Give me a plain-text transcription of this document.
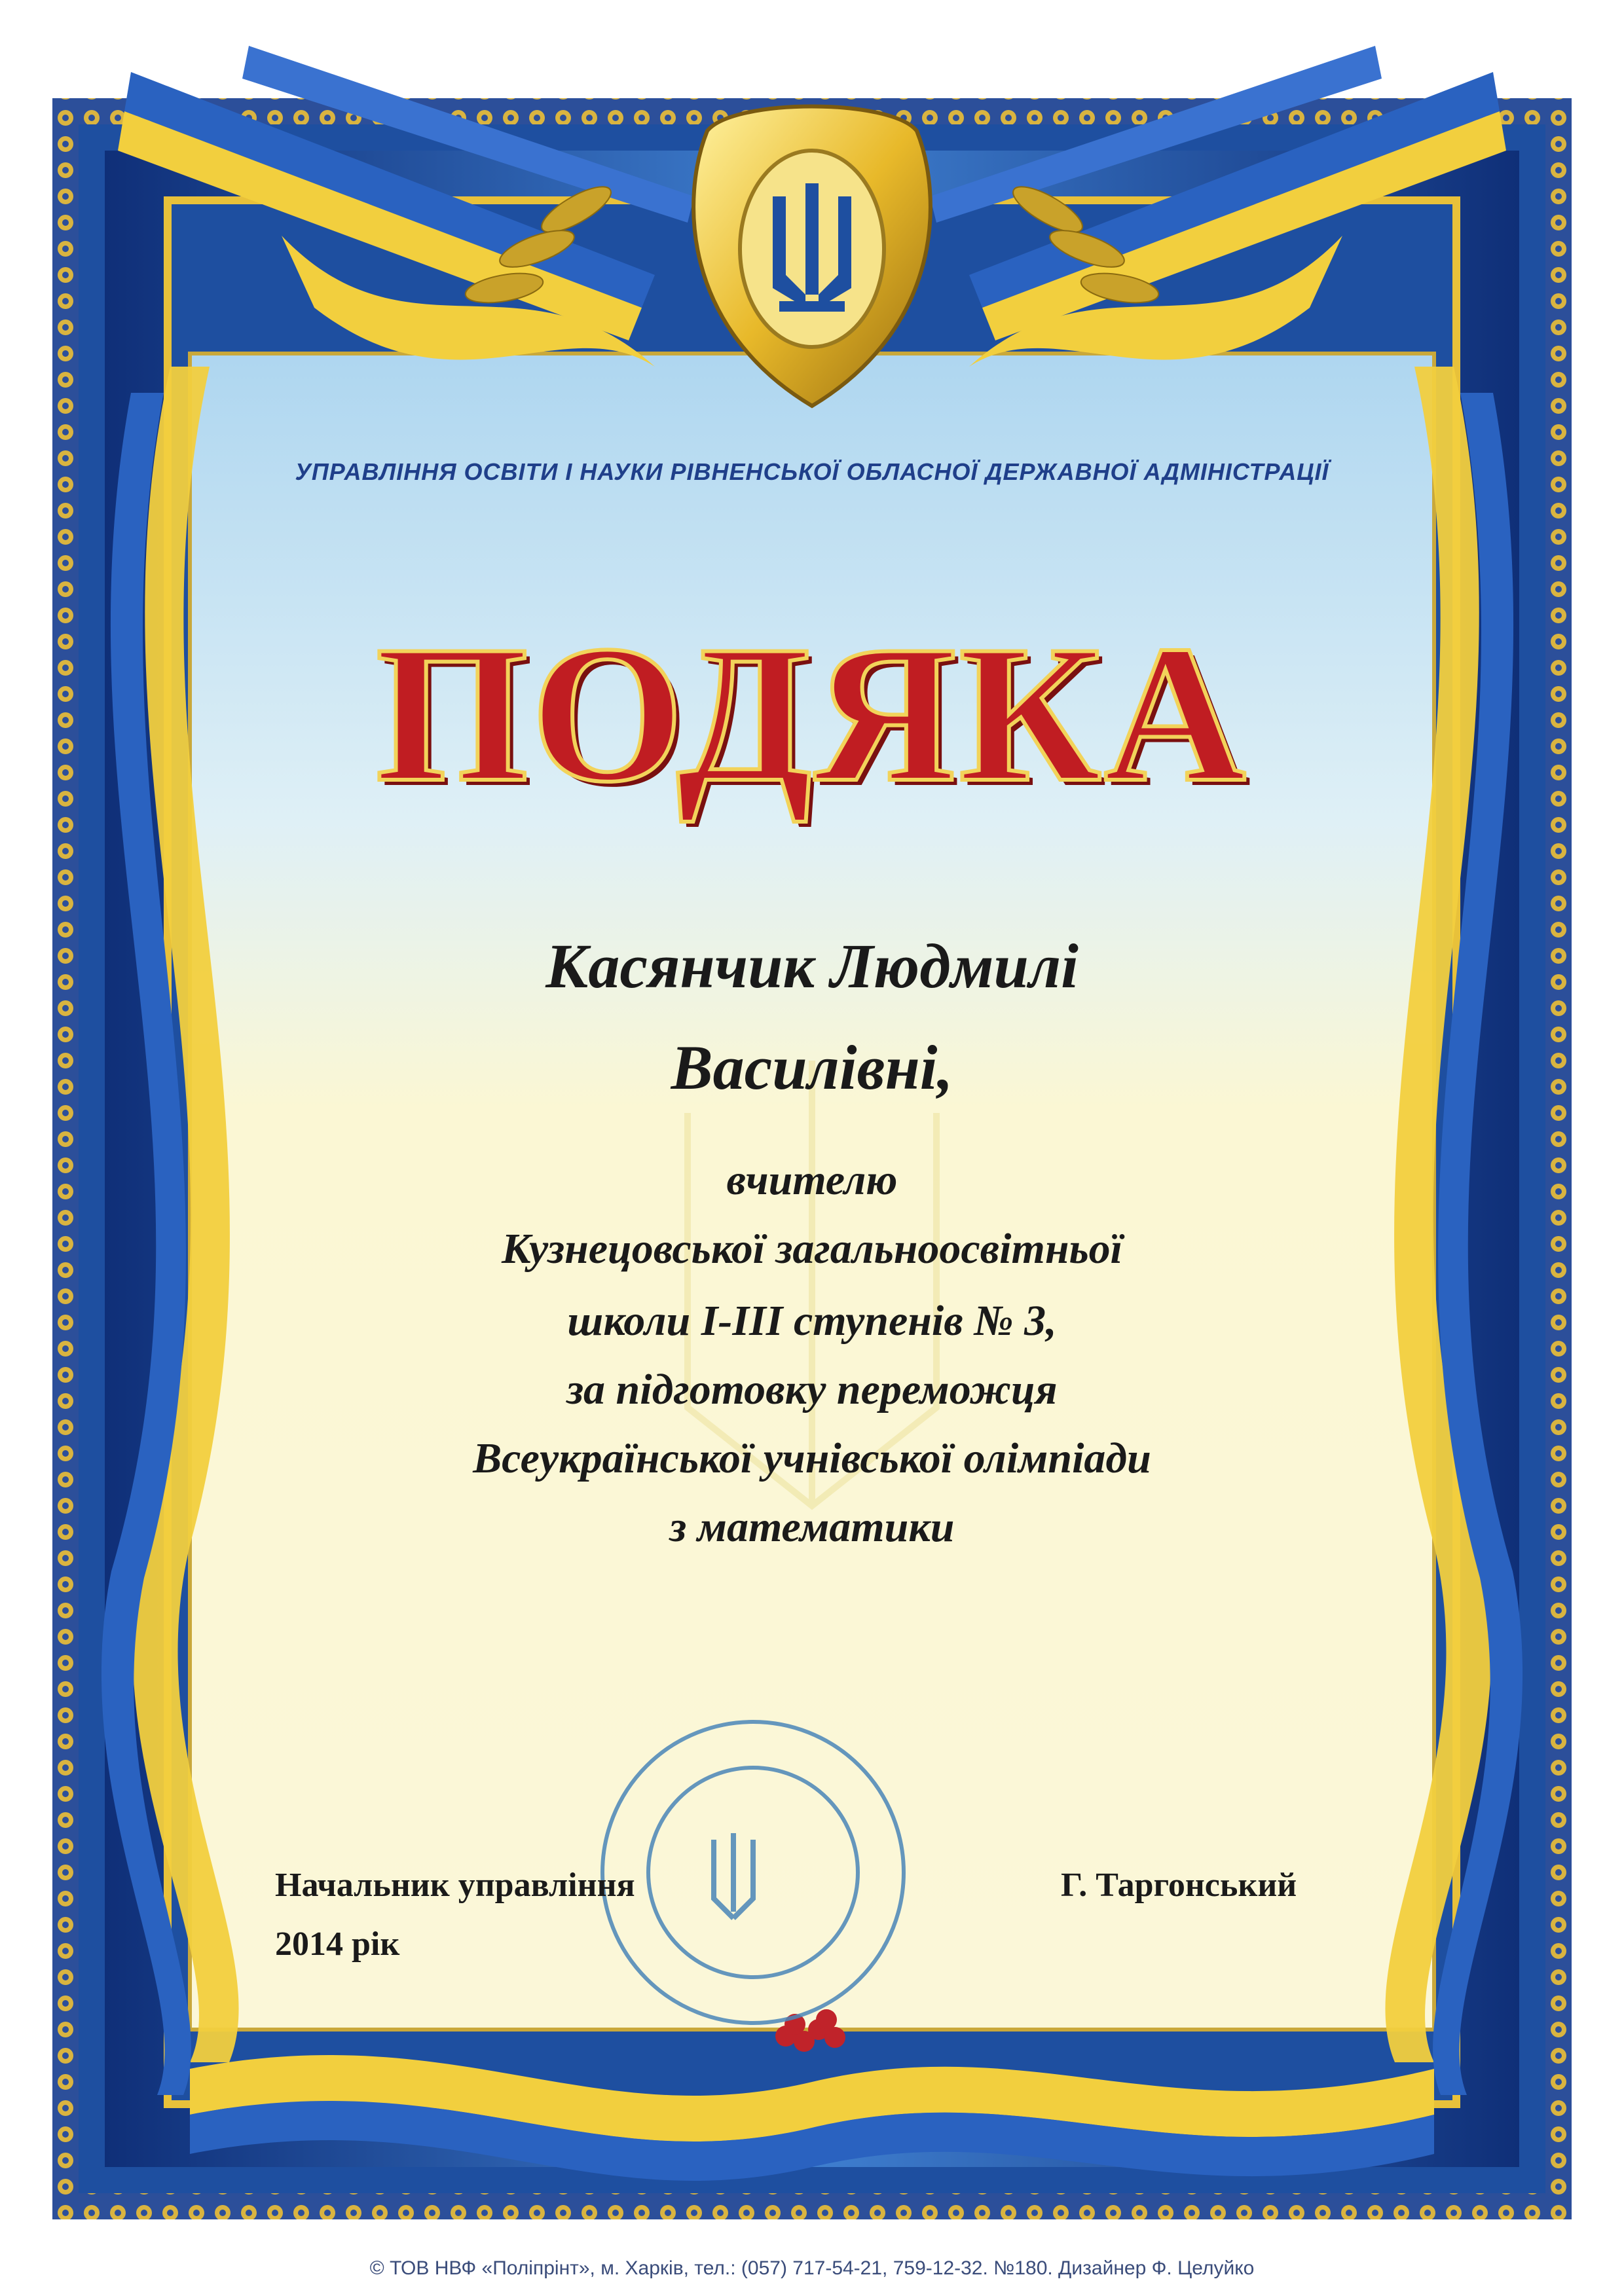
УПРАВЛІННЯ ОСВІТИ І НАУКИ РІВНЕНСЬКОЇ ОБЛАСНОЇ ДЕРЖАВНОЇ АДМІНІСТРАЦІЇ
ПОДЯКА
Касянчик Людмилі
Василівні,
вчителю
Кузнецовської загальноосвітньої
школи І-ІІІ ступенів № 3,
за підготовку переможця
Всеукраїнської учнівської олімпіади
з математики
Начальник управління
2014 рік
Г. Таргонський
© ТОВ НВФ «Поліпрінт», м. Харків, тел.: (057) 717-54-21, 759-12-32. №180. Дизайнер Ф. Целуйко
